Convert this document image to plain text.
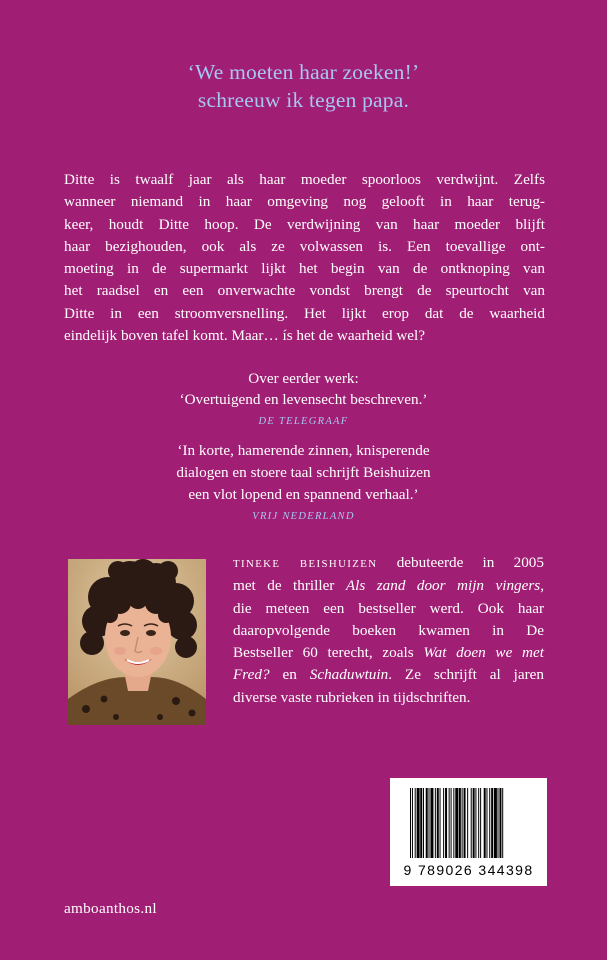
‘We moeten haar zoeken!’
schreeuw ik tegen papa.
Ditte is twaalf jaar als haar moeder spoorloos verdwijnt. Zelfs
wanneer niemand in haar omgeving nog gelooft in haar terug-
keer, houdt Ditte hoop. De verdwijning van haar moeder blijft
haar bezighouden, ook als ze volwassen is. Een toevallige ont-
moeting in de supermarkt lijkt het begin van de ontknoping van
het raadsel en een onverwachte vondst brengt de speurtocht van
Ditte in een stroomversnelling. Het lijkt erop dat de waarheid
eindelijk boven tafel komt. Maar… ís het de waarheid wel?
Over eerder werk:
‘Overtuigend en levensecht beschreven.’
DE TELEGRAAF
‘In korte, hamerende zinnen, knisperende
dialogen en stoere taal schrijft Beishuizen
een vlot lopend en spannend verhaal.’
VRIJ NEDERLAND
TINEKE BEISHUIZEN debuteerde in 2005
met de thriller Als zand door mijn vingers,
die meteen een bestseller werd. Ook haar
daaropvolgende boeken kwamen in De
Bestseller 60 terecht, zoals Wat doen we met
Fred? en Schaduwtuin. Ze schrijft al jaren
diverse vaste rubrieken in tijdschriften.
9 789026 344398
amboanthos.nl
